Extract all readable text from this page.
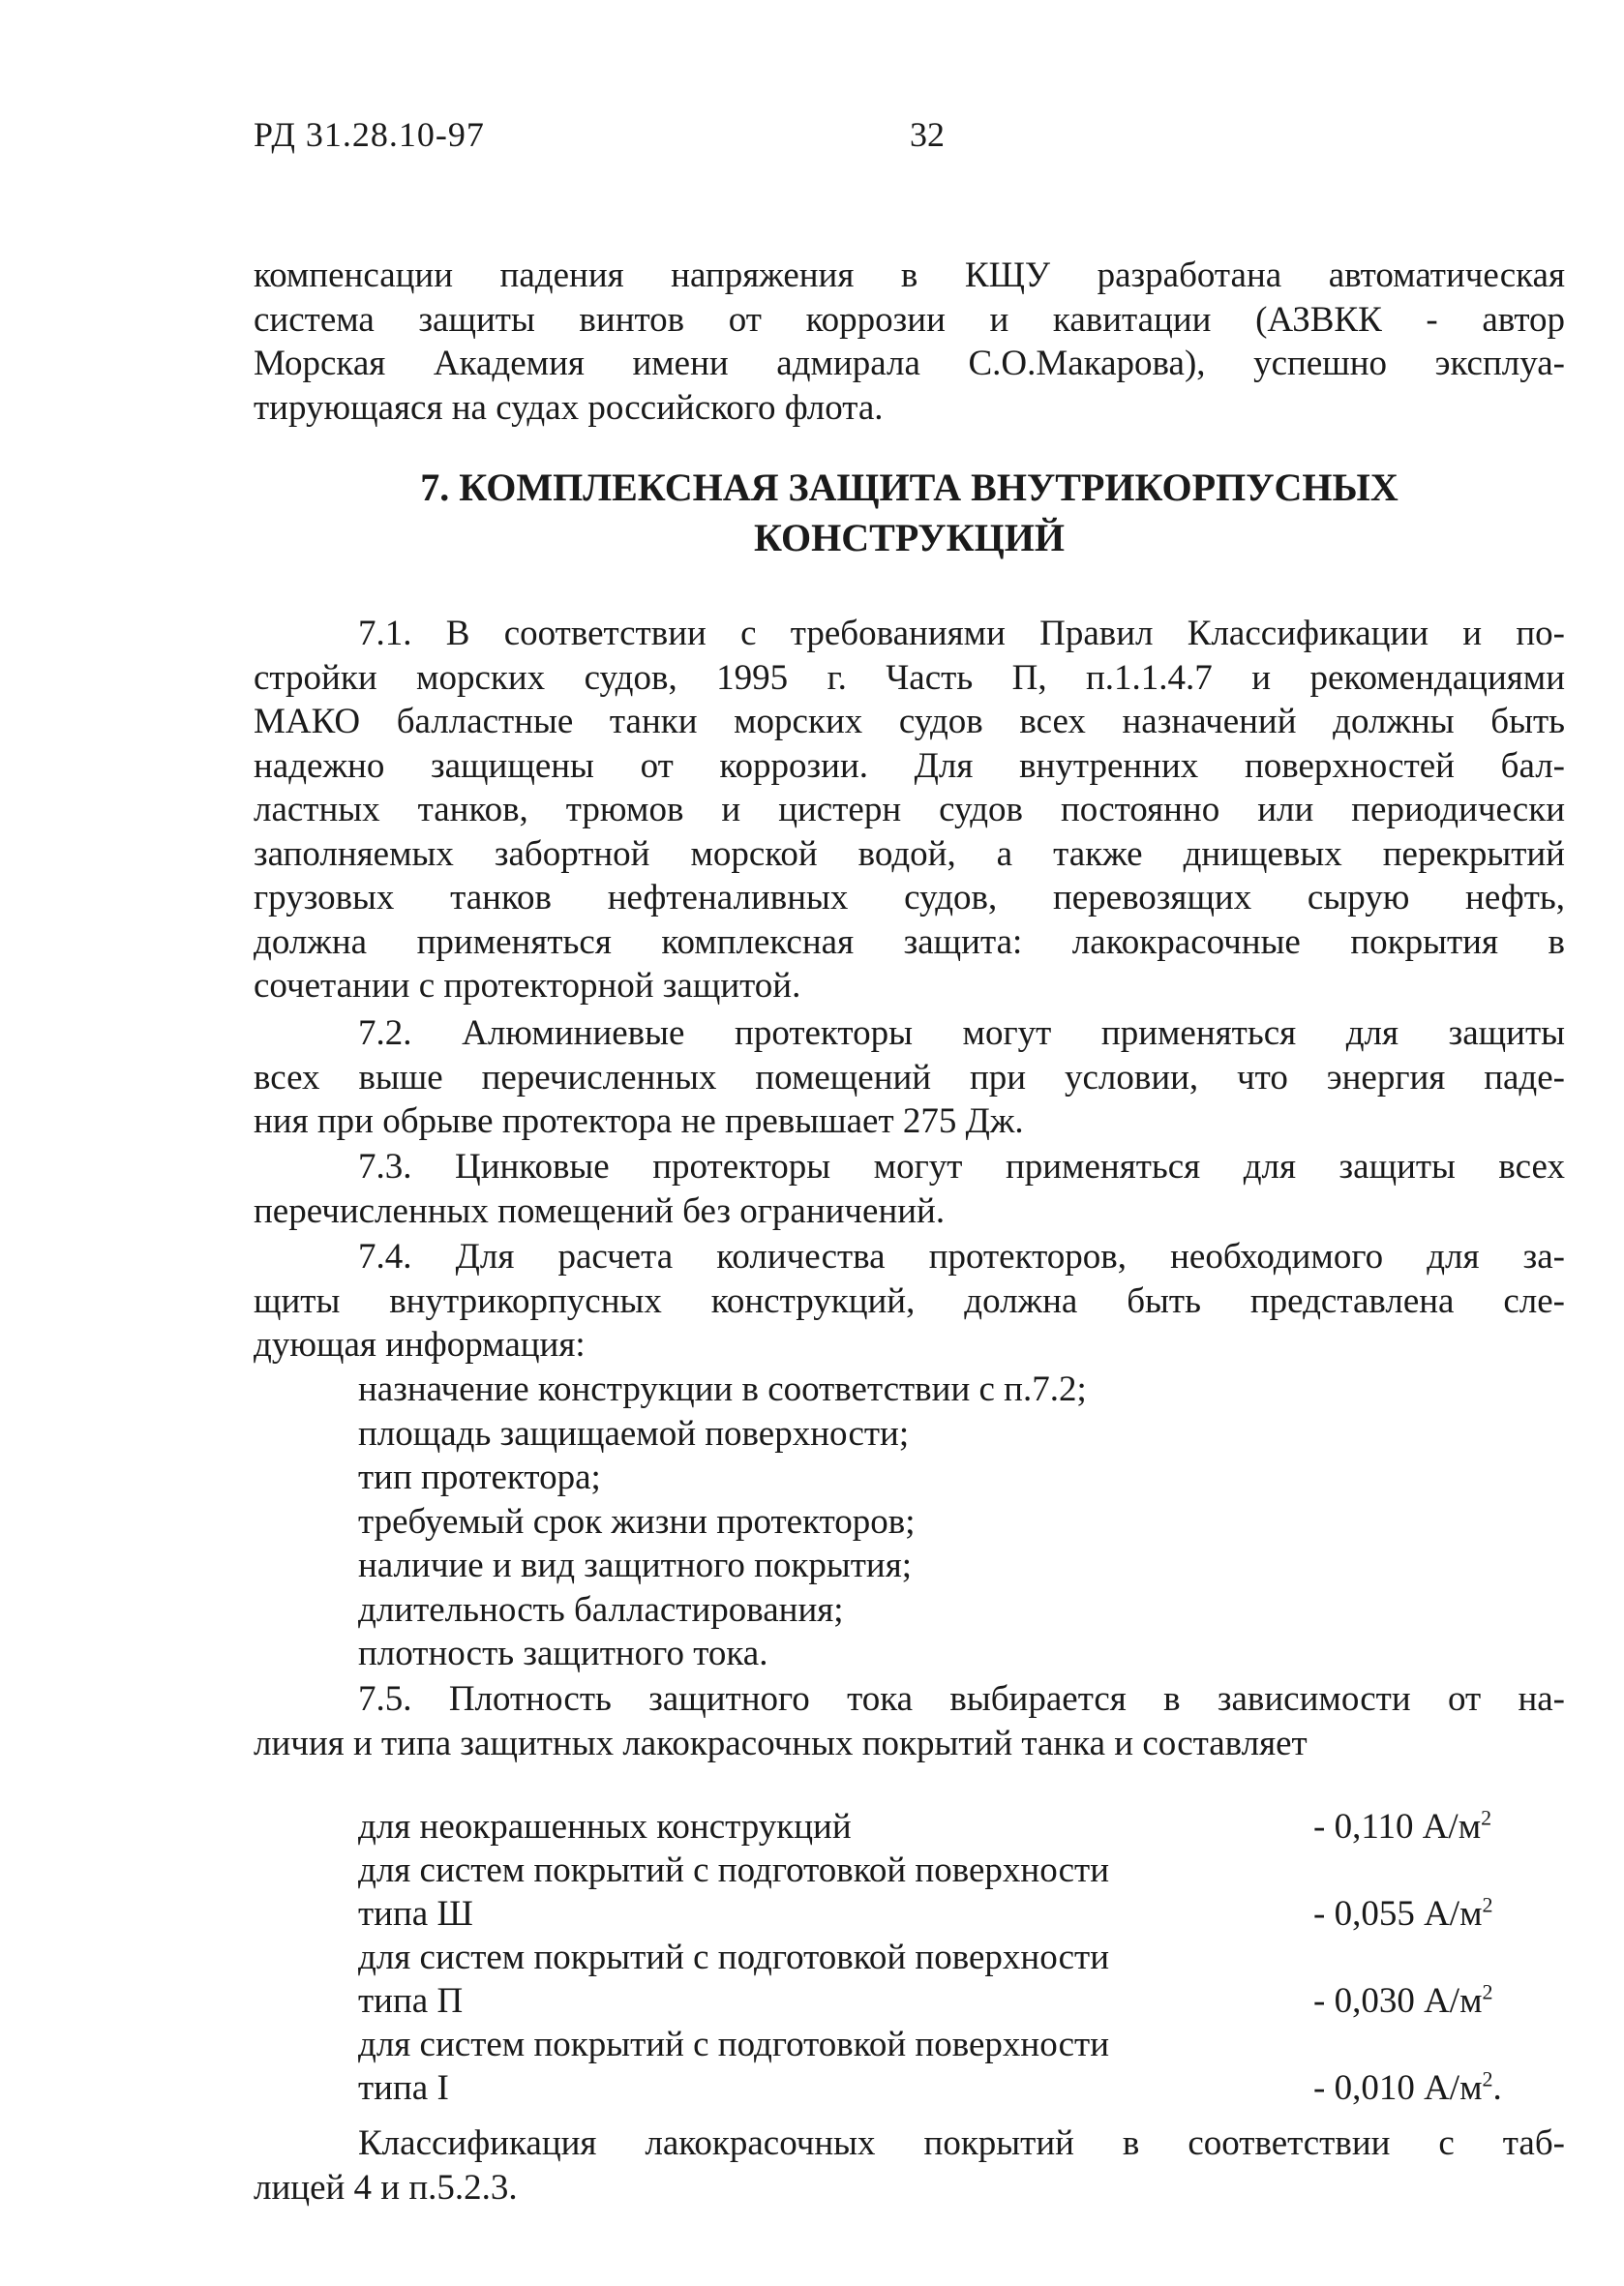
РД 31.28.10-97	32
компенсации падения напряжения в КЩУ разработана автоматическая
система защиты винтов от коррозии и кавитации (АЗВКК - автор
Морская Академия имени адмирала С.О.Макарова), успешно эксплуа-
тирующаяся на судах российского флота.
7. КОМПЛЕКСНАЯ ЗАЩИТА ВНУТРИКОРПУСНЫХ
КОНСТРУКЦИЙ
7.1. В соответствии с требованиями Правил Классификации и по-
стройки морских судов, 1995 г. Часть П, п.1.1.4.7 и рекомендациями
МАКО балластные танки морских судов всех назначений должны быть
надежно защищены от коррозии. Для внутренних поверхностей бал-
ластных танков, трюмов и цистерн судов постоянно или периодически
заполняемых забортной морской водой, а также днищевых перекрытий
грузовых танков нефтеналивных судов, перевозящих сырую нефть,
должна применяться комплексная защита: лакокрасочные покрытия в
сочетании с протекторной защитой.
7.2. Алюминиевые протекторы могут применяться для защиты
всех выше перечисленных помещений при условии, что энергия паде-
ния при обрыве протектора не превышает 275 Дж.
7.3. Цинковые протекторы могут применяться для защиты всех
перечисленных помещений без ограничений.
7.4. Для расчета количества протекторов, необходимого для за-
щиты внутрикорпусных конструкций, должна быть представлена сле-
дующая информация:
назначение конструкции в соответствии с п.7.2;
площадь защищаемой поверхности;
тип протектора;
требуемый срок жизни протекторов;
наличие и вид защитного покрытия;
длительность балластирования;
плотность защитного тока.
7.5. Плотность защитного тока выбирается в зависимости от на-
личия и типа защитных лакокрасочных покрытий танка и составляет
для неокрашенных конструкций	- 0,110 $А/м^2$
для систем покрытий с подготовкой поверхности
типа Ш	- 0,055 $А/м^2$
для систем покрытий с подготовкой поверхности
типа П	- 0,030 $А/м^2$
для систем покрытий с подготовкой поверхности
типа I	- 0,010 $А/м^2$.
Классификация лакокрасочных покрытий в соответствии с таб-
лицей 4 и п.5.2.3.
